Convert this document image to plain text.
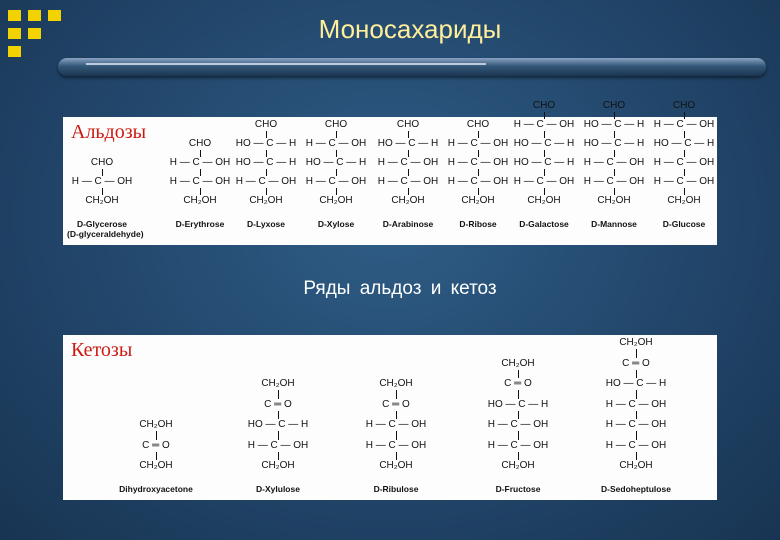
Моносахариды
Альдозы
CHO
H — C — OH
CH₂OH
D-Glycerose
(D-glyceraldehyde)
CHO
H — C — OH
H — C — OH
CH₂OH
D-Erythrose
CHO
HO — C — H
HO — C — H
H — C — OH
CH₂OH
D-Lyxose
CHO
H — C — OH
HO — C — H
H — C — OH
CH₂OH
D-Xylose
CHO
HO — C — H
H — C — OH
H — C — OH
CH₂OH
D-Arabinose
CHO
H — C — OH
H — C — OH
H — C — OH
CH₂OH
D-Ribose
CHO
H — C — OH
HO — C — H
HO — C — H
H — C — OH
CH₂OH
D-Galactose
CHO
HO — C — H
HO — C — H
H — C — OH
H — C — OH
CH₂OH
D-Mannose
CHO
H — C — OH
HO — C — H
H — C — OH
H — C — OH
CH₂OH
D-Glucose
Ряды альдоз и кетоз
Кетозы
CH₂OH
C ═ O
CH₂OH
Dihydroxyacetone
CH₂OH
C ═ O
HO — C — H
H — C — OH
CH₂OH
D-Xylulose
CH₂OH
C ═ O
H — C — OH
H — C — OH
CH₂OH
D-Ribulose
CH₂OH
C ═ O
HO — C — H
H — C — OH
H — C — OH
CH₂OH
D-Fructose
CH₂OH
C ═ O
HO — C — H
H — C — OH
H — C — OH
H — C — OH
CH₂OH
D-Sedoheptulose
